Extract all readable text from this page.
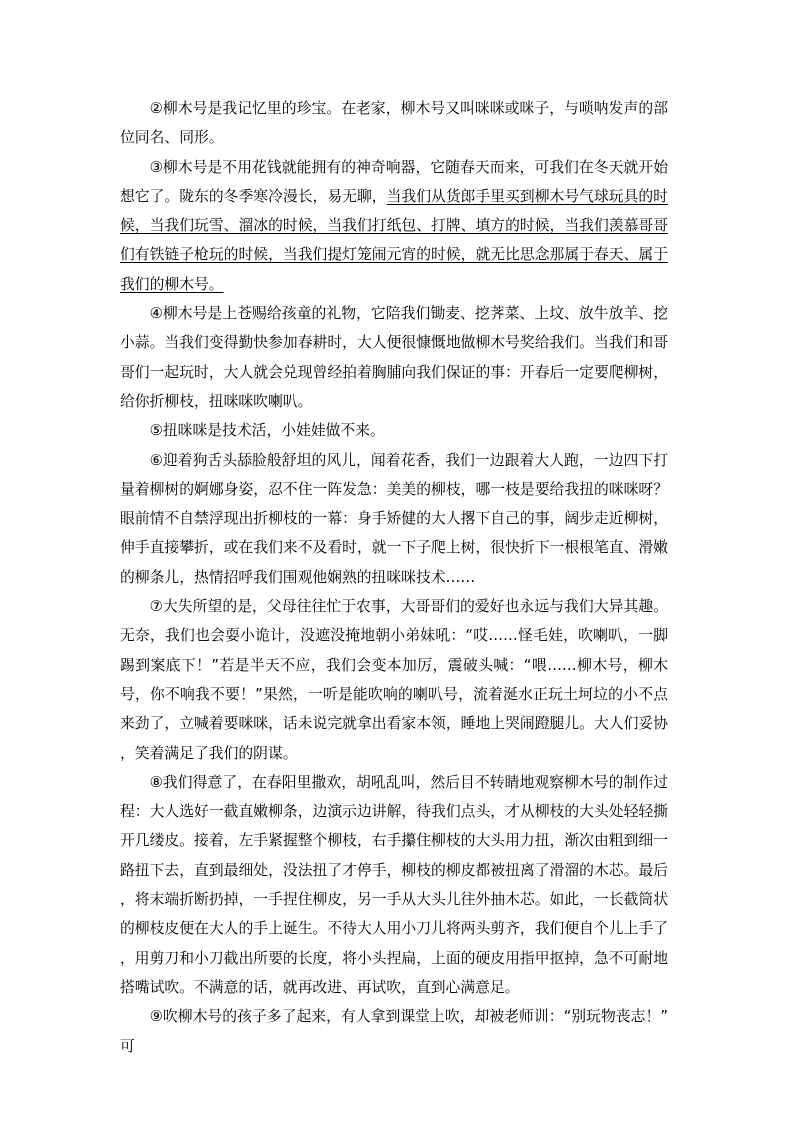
②柳木号是我记忆里的珍宝。在老家，柳木号又叫咪咪或咪子，与唢呐发声的部位同名、同形。

③柳木号是不用花钱就能拥有的神奇响器，它随春天而来，可我们在冬天就开始想它了。陇东的冬季寒冷漫长，易无聊，当我们从货郎手里买到柳木号气球玩具的时候，当我们玩雪、溜冰的时候，当我们打纸包、打牌、填方的时候，当我们羡慕哥哥们有铁链子枪玩的时候，当我们提灯笼闹元宵的时候，就无比思念那属于春天、属于我们的柳木号。

④柳木号是上苍赐给孩童的礼物，它陪我们锄麦、挖荠菜、上坟、放牛放羊、挖小蒜。当我们变得勤快参加春耕时，大人便很慷慨地做柳木号奖给我们。当我们和哥哥们一起玩时，大人就会兑现曾经拍着胸脯向我们保证的事：开春后一定要爬柳树，给你折柳枝，扭咪咪吹喇叭。

⑤扭咪咪是技术活，小娃娃做不来。

⑥迎着狗舌头舔脸般舒坦的风儿，闻着花香，我们一边跟着大人跑，一边四下打量着柳树的婀娜身姿，忍不住一阵发急：美美的柳枝，哪一枝是要给我扭的咪咪呀？眼前情不自禁浮现出折柳枝的一幕：身手矫健的大人撂下自己的事，阔步走近柳树，伸手直接攀折，或在我们来不及看时，就一下子爬上树，很快折下一根根笔直、滑嫩的柳条儿，热情招呼我们围观他娴熟的扭咪咪技术……

⑦大失所望的是，父母往往忙于农事，大哥哥们的爱好也永远与我们大异其趣。无奈，我们也会耍小诡计，没遮没掩地朝小弟妹吼：“哎……怪毛娃，吹喇叭，一脚踢到案底下！”若是半天不应，我们会变本加厉，震破头喊：“喂……柳木号，柳木号，你不响我不要！”果然，一听是能吹响的喇叭号，流着涎水正玩土坷垃的小不点来劲了，立喊着要咪咪，话未说完就拿出看家本领，睡地上哭闹蹬腿儿。大人们妥协，笑着满足了我们的阴谋。

⑧我们得意了，在春阳里撒欢，胡吼乱叫，然后目不转睛地观察柳木号的制作过程：大人选好一截直嫩柳条，边演示边讲解，待我们点头，才从柳枝的大头处轻轻撕开几缕皮。接着，左手紧握整个柳枝，右手攥住柳枝的大头用力扭，渐次由粗到细一路扭下去，直到最细处，没法扭了才停手，柳枝的柳皮都被扭离了滑溜的木芯。最后，将末端折断扔掉，一手捏住柳皮，另一手从大头儿往外抽木芯。如此，一长截筒状的柳枝皮便在大人的手上诞生。不待大人用小刀儿将两头剪齐，我们便自个儿上手了，用剪刀和小刀截出所要的长度，将小头捏扁，上面的硬皮用指甲抠掉，急不可耐地搭嘴试吹。不满意的话，就再改进、再试吹，直到心满意足。

⑨吹柳木号的孩子多了起来，有人拿到课堂上吹，却被老师训：“别玩物丧志！”可
